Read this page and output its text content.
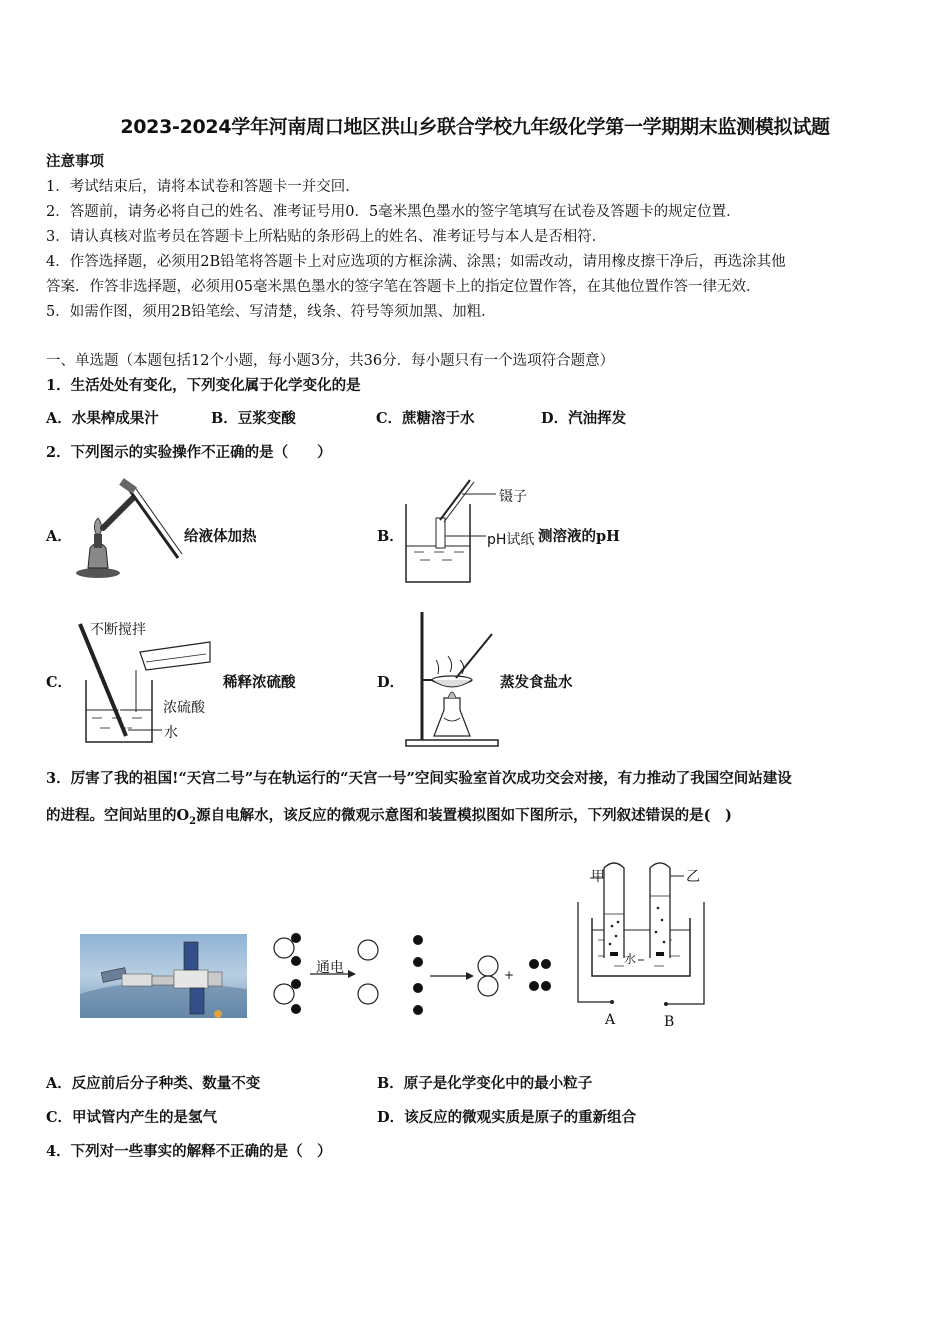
2023-2024学年河南周口地区洪山乡联合学校九年级化学第一学期期末监测模拟试题
注意事项
1．考试结束后，请将本试卷和答题卡一并交回．
2．答题前，请务必将自己的姓名、准考证号用0．5毫米黑色墨水的签字笔填写在试卷及答题卡的规定位置．
3．请认真核对监考员在答题卡上所粘贴的条形码上的姓名、准考证号与本人是否相符．
4．作答选择题，必须用2B铅笔将答题卡上对应选项的方框涂满、涂黑；如需改动，请用橡皮擦干净后，再选涂其他
答案．作答非选择题，必须用05毫米黑色墨水的签字笔在答题卡上的指定位置作答，在其他位置作答一律无效．
5．如需作图，须用2B铅笔绘、写清楚，线条、符号等须加黑、加粗．
一、单选题（本题包括12个小题，每小题3分，共36分．每小题只有一个选项符合题意）
1．生活处处有变化，下列变化属于化学变化的是
A．水果榨成果汁	B．豆浆变酸	C．蔗糖溶于水	D．汽油挥发
2．下列图示的实验操作不正确的是（　　）
A．	给液体加热	B．
镊子
pH试纸 测溶液的pH
C．
不断搅拌
浓硫酸
水
稀释浓硫酸	D．	蒸发食盐水
3．厉害了我的祖国!“天宫二号”与在轨运行的“天宫一号”空间实验室首次成功交会对接，有力推动了我国空间站建设
的进程。空间站里的$O_2$源自电解水，该反应的微观示意图和装置模拟图如下图所示，下列叙述错误的是(　)
通电	+
甲	乙
水
A	B
A．反应前后分子种类、数量不变	B．原子是化学变化中的最小粒子
C．甲试管内产生的是氢气	D．该反应的微观实质是原子的重新组合
4．下列对一些事实的解释不正确的是（　）
